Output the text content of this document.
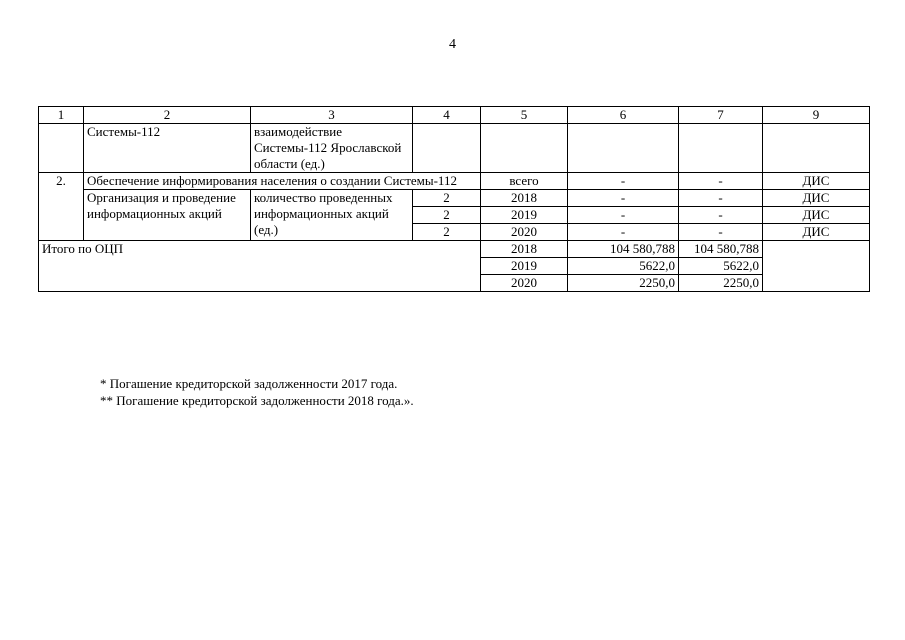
4
1	2	3	4	5	6	7	9
	Системы-112	взаимодействие Системы-112 Ярославской области (ед.)					
2.	Обеспечение информирования населения о создании Системы-112			всего	-	-	ДИС
	Организация и проведение информационных акций	количество проведенных информационных акций (ед.)	2	2018	-	-	ДИС
			2	2019	-	-	ДИС
			2	2020	-	-	ДИС
Итого по ОЦП				2018	104 580,788	104 580,788	
				2019	5622,0	5622,0	
				2020	2250,0	2250,0	
* Погашение кредиторской задолженности 2017 года.
** Погашение кредиторской задолженности 2018 года.».
